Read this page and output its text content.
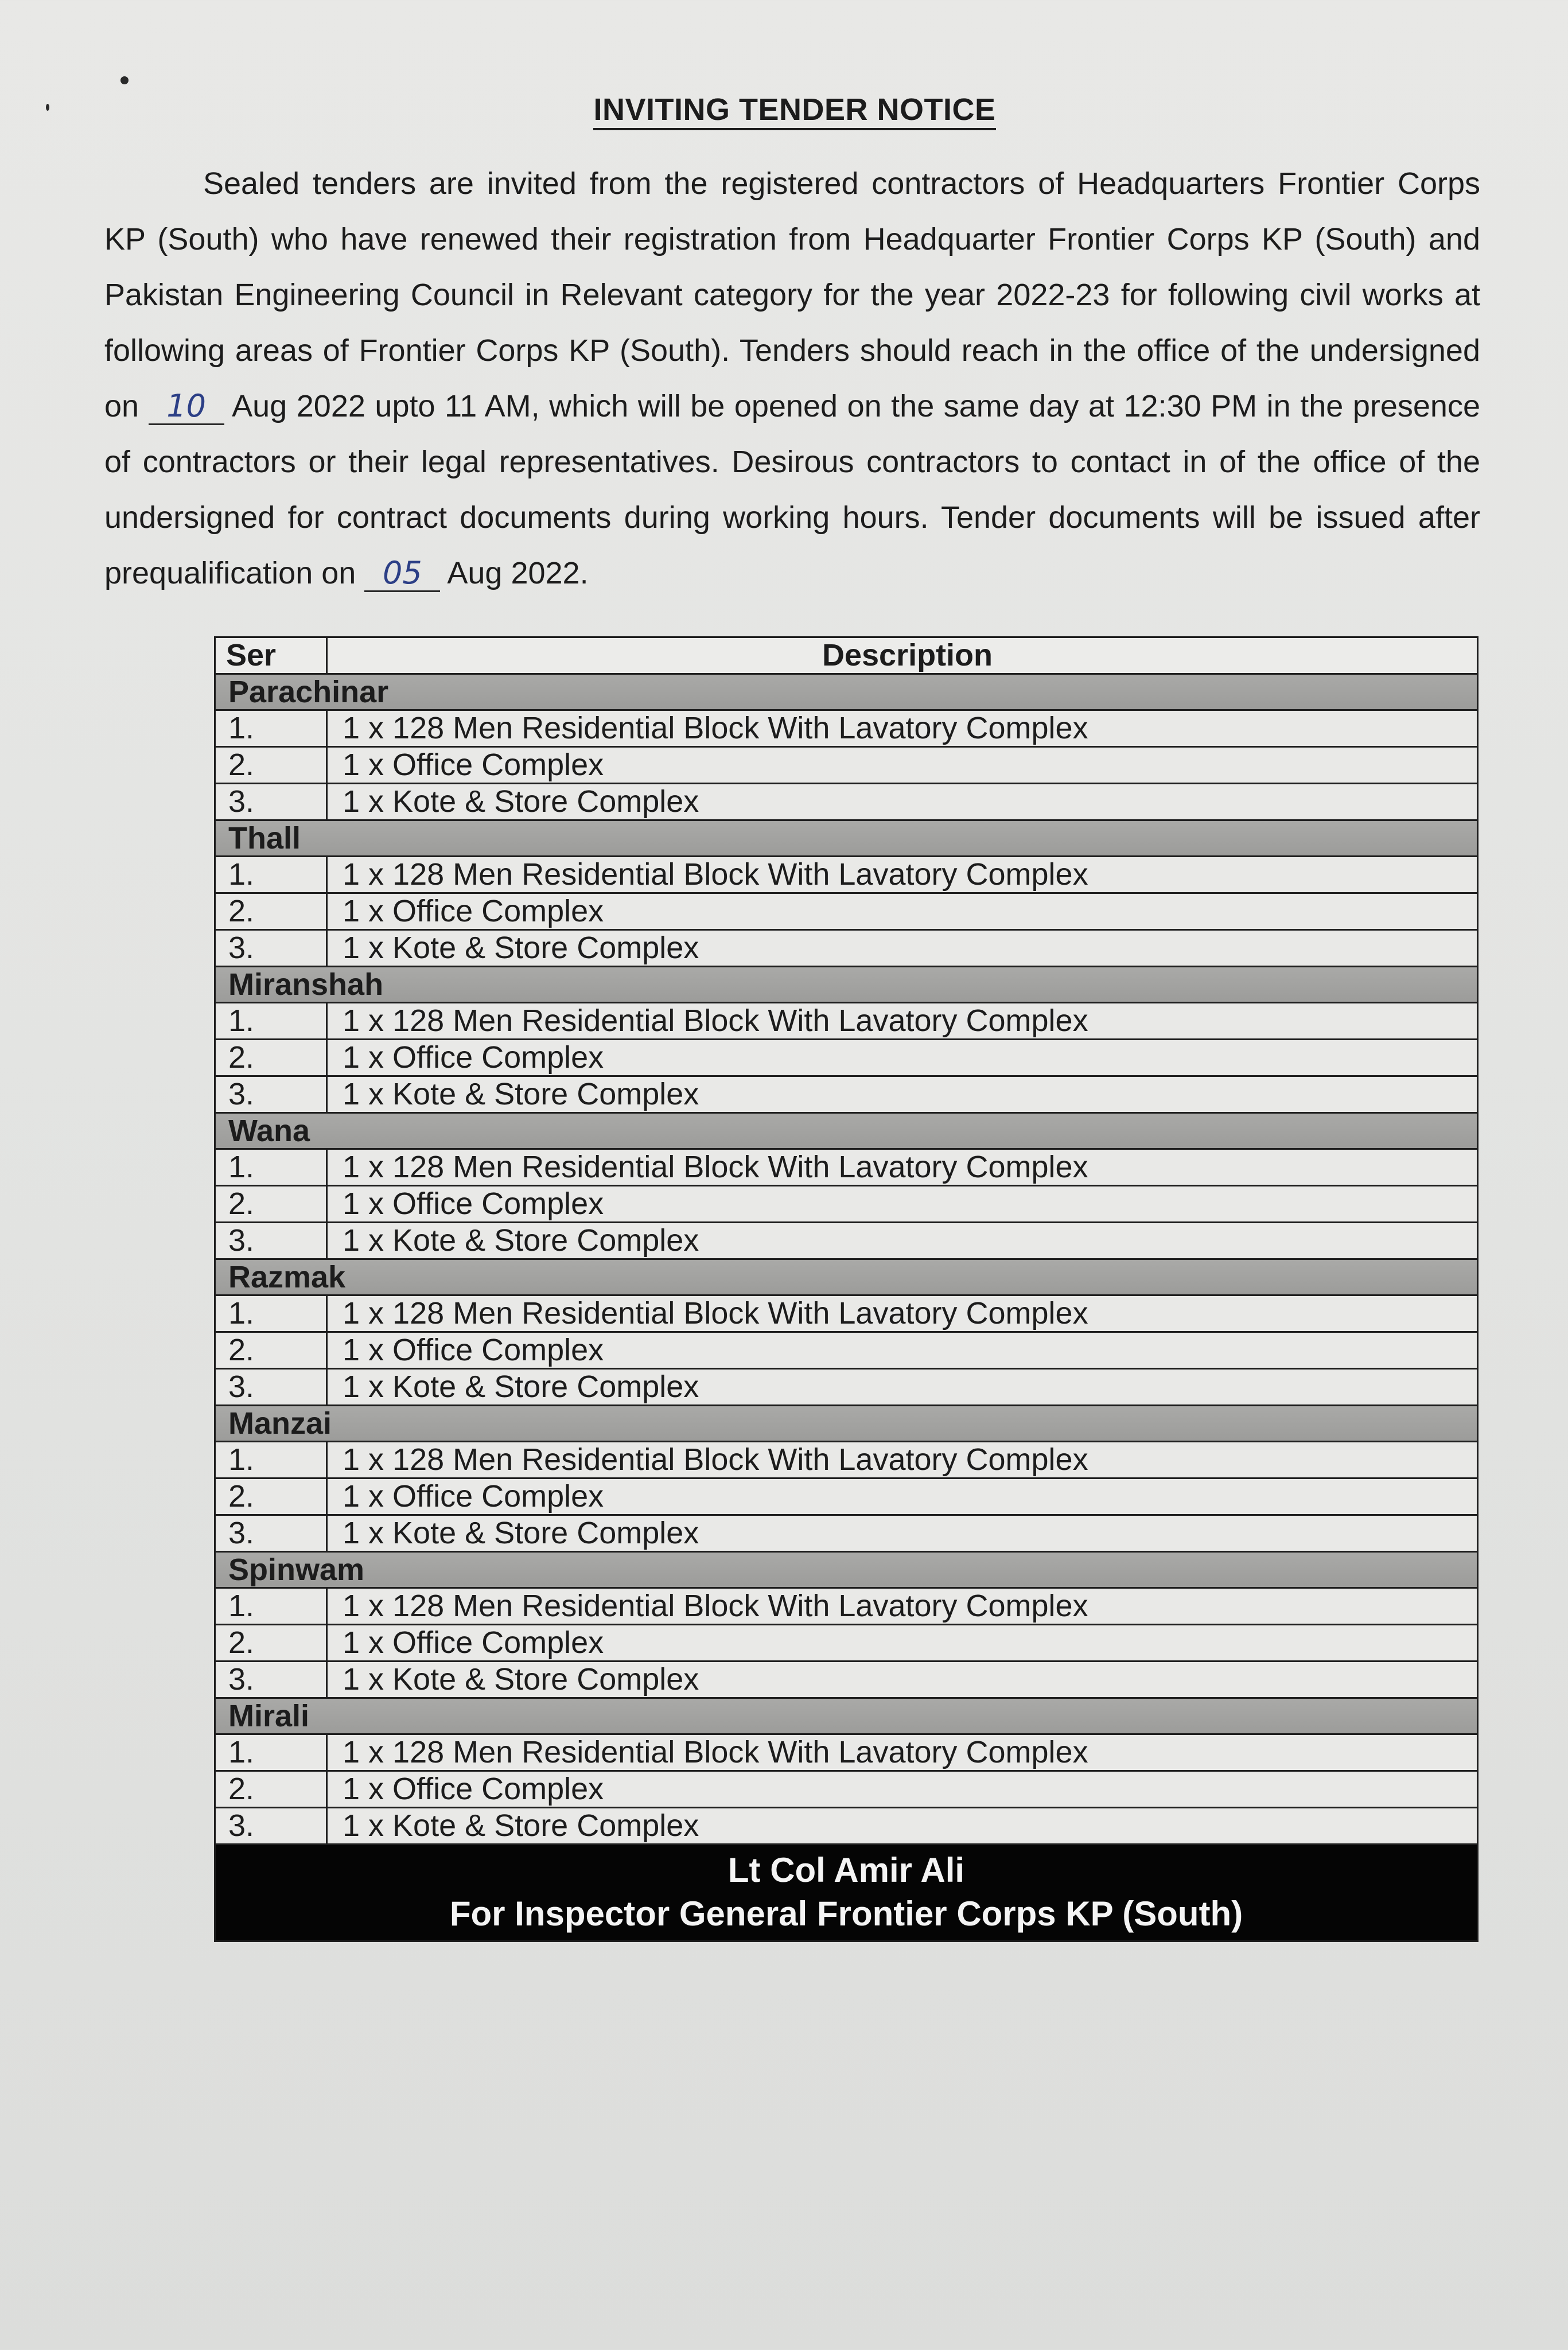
INVITING TENDER NOTICE
Sealed tenders are invited from the registered contractors of Headquarters Frontier Corps KP (South) who have renewed their registration from Headquarter Frontier Corps KP (South) and Pakistan Engineering Council in Relevant category for the year 2022-23 for following civil works at following areas of Frontier Corps KP (South). Tenders should reach in the office of the undersigned on 10 Aug 2022 upto 11 AM, which will be opened on the same day at 12:30 PM in the presence of contractors or their legal representatives. Desirous contractors to contact in of the office of the undersigned for contract documents during working hours. Tender documents will be issued after prequalification on 05 Aug 2022.
Ser	Description
Parachinar	
1.	1 x 128 Men Residential Block With Lavatory Complex
2.	1 x Office Complex
3.	1 x Kote & Store Complex
Thall	
1.	1 x 128 Men Residential Block With Lavatory Complex
2.	1 x Office Complex
3.	1 x Kote & Store Complex
Miranshah	
1.	1 x 128 Men Residential Block With Lavatory Complex
2.	1 x Office Complex
3.	1 x Kote & Store Complex
Wana	
1.	1 x 128 Men Residential Block With Lavatory Complex
2.	1 x Office Complex
3.	1 x Kote & Store Complex
Razmak	
1.	1 x 128 Men Residential Block With Lavatory Complex
2.	1 x Office Complex
3.	1 x Kote & Store Complex
Manzai	
1.	1 x 128 Men Residential Block With Lavatory Complex
2.	1 x Office Complex
3.	1 x Kote & Store Complex
Spinwam	
1.	1 x 128 Men Residential Block With Lavatory Complex
2.	1 x Office Complex
3.	1 x Kote & Store Complex
Mirali	
1.	1 x 128 Men Residential Block With Lavatory Complex
2.	1 x Office Complex
3.	1 x Kote & Store Complex

Lt Col Amir Ali
For Inspector General Frontier Corps KP (South)	
